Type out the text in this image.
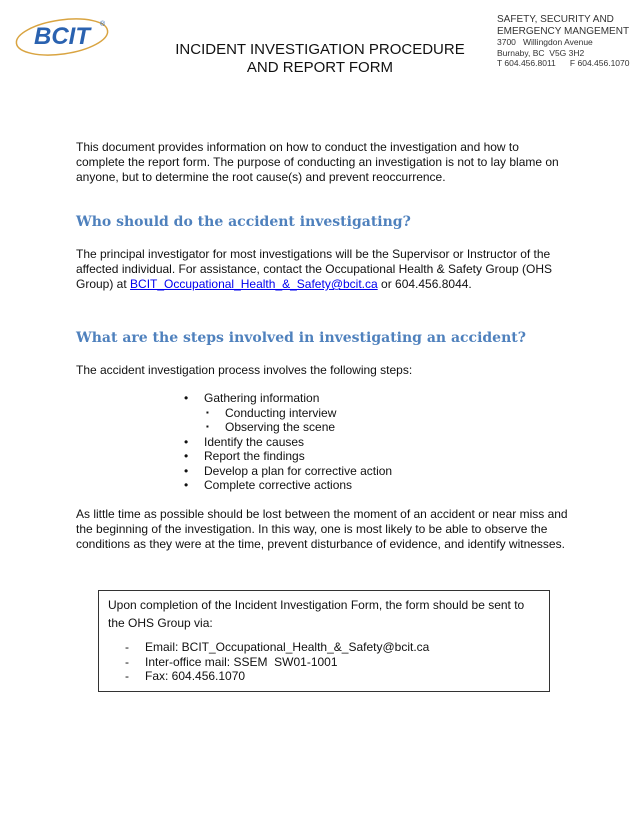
BCIT	®
INCIDENT INVESTIGATION PROCEDURE
AND REPORT FORM
SAFETY, SECURITY AND
EMERGENCY MANGEMENT
3700   Willingdon Avenue
Burnaby, BC  V5G 3H2
T 604.456.8011      F 604.456.1070

This document provides information on how to conduct the investigation and how to complete the report form. The purpose of conducting an investigation is not to lay blame on anyone, but to determine the root cause(s) and prevent reoccurrence.

Who should do the accident investigating?

The principal investigator for most investigations will be the Supervisor or Instructor of the affected individual. For assistance, contact the Occupational Health & Safety Group (OHS Group) at BCIT_Occupational_Health_&_Safety@bcit.ca or 604.456.8044.

What are the steps involved in investigating an accident?

The accident investigation process involves the following steps:

• Gathering information
▪ Conducting interview
▪ Observing the scene
• Identify the causes
• Report the findings
• Develop a plan for corrective action
• Complete corrective actions

As little time as possible should be lost between the moment of an accident or near miss and the beginning of the investigation. In this way, one is most likely to be able to observe the conditions as they were at the time, prevent disturbance of evidence, and identify witnesses.

Upon completion of the Incident Investigation Form, the form should be sent to the OHS Group via:

- Email: BCIT_Occupational_Health_&_Safety@bcit.ca
- Inter-office mail: SSEM  SW01-1001
- Fax: 604.456.1070
